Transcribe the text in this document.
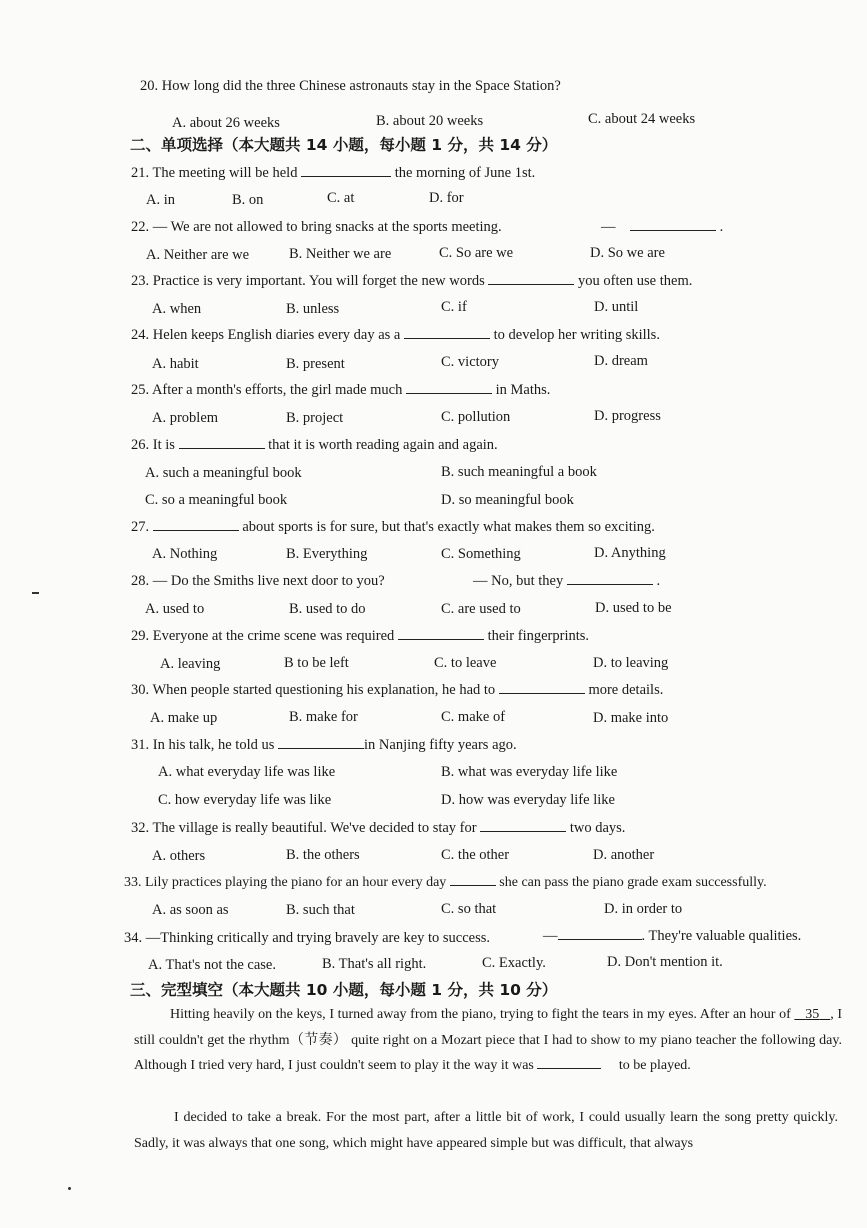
20. How long did the three Chinese astronauts stay in the Space Station?
A. about 26 weeks	B. about 20 weeks	C. about 24 weeks
二、单项选择（本大题共 14 小题，每小题 1 分，共 14 分）
21. The meeting will be held	the morning of June 1st.
A. in	B. on	C. at	D. for
22. — We are not allowed to bring snacks at the sports meeting.	—	.
A. Neither are we	B. Neither we are	C. So are we	D. So we are
23. Practice is very important. You will forget the new words	you often use them.
A. when	B. unless	C. if	D. until
24. Helen keeps English diaries every day as a	to develop her writing skills.
A. habit	B. present	C. victory	D. dream
25. After a month's efforts, the girl made much	in Maths.
A. problem	B. project	C. pollution	D. progress
26. It is	that it is worth reading again and again.
A. such a meaningful book	B. such meaningful a book
C. so a meaningful book	D. so meaningful book
27.	about sports is for sure, but that's exactly what makes them so exciting.
A. Nothing	B. Everything	C. Something	D. Anything
28. — Do the Smiths live next door to you?	— No, but they	.
A. used to	B. used to do	C. are used to	D. used to be
29. Everyone at the crime scene was required	their fingerprints.
A. leaving	B to be left	C. to leave	D. to leaving
30. When people started questioning his explanation, he had to	more details.
A. make up	B. make for	C. make of	D. make into
31. In his talk, he told us	in Nanjing fifty years ago.
A. what everyday life was like	B. what was everyday life like
C. how everyday life was like	D. how was everyday life like
32. The village is really beautiful. We've decided to stay for	two days.
A. others	B. the others	C. the other	D. another
33. Lily practices playing the piano for an hour every day	she can pass the piano grade exam successfully.
A. as soon as	B. such that	C. so that	D. in order to
34. —Thinking critically and trying bravely are key to success.	—	. They're valuable qualities.
A. That's not the case.	B. That's all right.	C. Exactly.	D. Don't mention it.
三、完型填空（本大题共 10 小题，每小题 1 分，共 10 分）
Hitting heavily on the keys, I turned away from the piano, trying to fight the tears in my eyes. After an hour of 35 , I still couldn't get the rhythm（节奏） quite right on a Mozart piece that I had to show to my piano teacher the following day. Although I tried very hard, I just couldn't seem to play it the way it was	to be played.
I decided to take a break. For the most part, after a little bit of work, I could usually learn the song pretty quickly. Sadly, it was always that one song, which might have appeared simple but was difficult, that always
